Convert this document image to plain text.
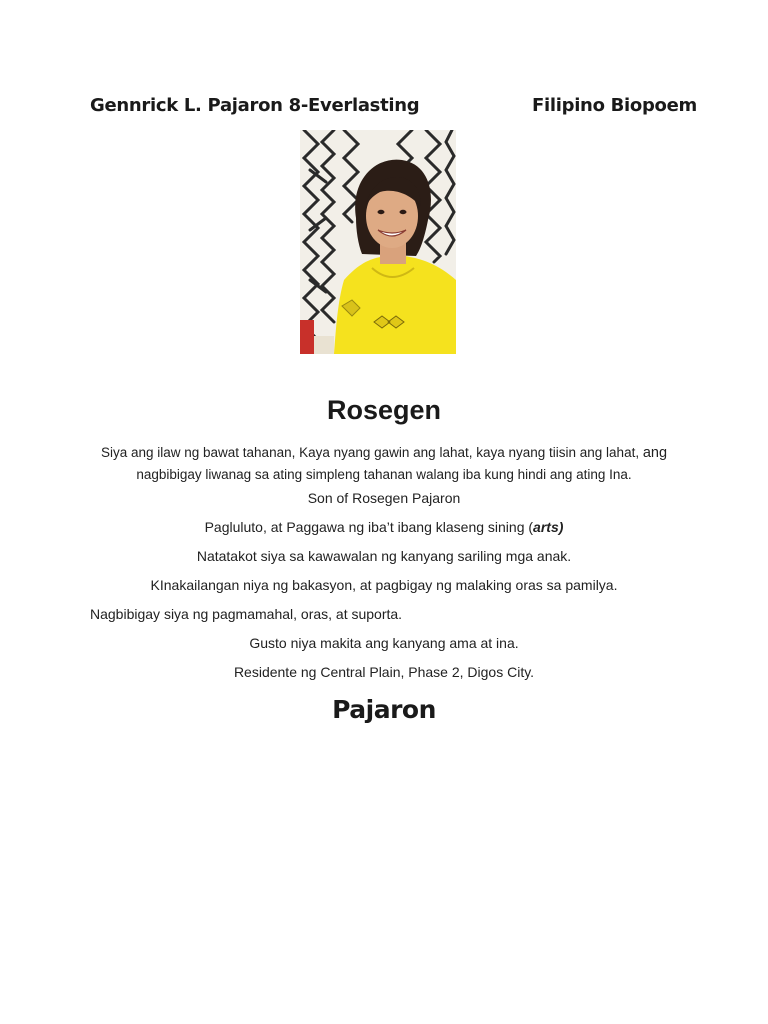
Gennrick L. Pajaron 8-Everlasting	Filipino Biopoem
Rosegen
Siya ang ilaw ng bawat tahanan, Kaya nyang gawin ang lahat, kaya nyang tiisin ang lahat, ang
nagbibigay liwanag sa ating simpleng tahanan walang iba kung hindi ang ating Ina.
Son of Rosegen Pajaron
Pagluluto, at Paggawa ng iba’t ibang klaseng sining (arts)
Natatakot siya sa kawawalan ng kanyang sariling mga anak.
KInakailangan niya ng bakasyon, at pagbigay ng malaking oras sa pamilya.
Nagbibigay siya ng pagmamahal, oras, at suporta.
Gusto niya makita ang kanyang ama at ina.
Residente ng Central Plain, Phase 2, Digos City.
Pajaron
